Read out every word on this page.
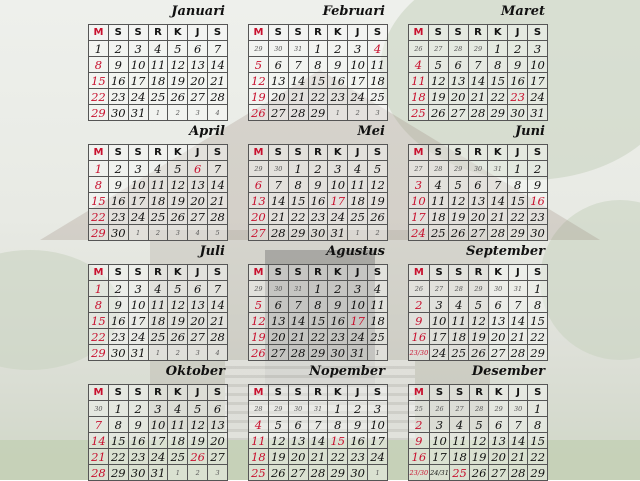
Januari
M	S	S	R	K	J	S
1	2	3	4	5	6	7
8	9	10	11	12	13	14
15	16	17	18	19	20	21
22	23	24	25	26	27	28
29	30	31	1	2	3	4
Februari
M	S	S	R	K	J	S
29	30	31	1	2	3	4
5	6	7	8	9	10	11
12	13	14	15	16	17	18
19	20	21	22	23	24	25
26	27	28	29	1	2	3
Maret
M	S	S	R	K	J	S
26	27	28	29	1	2	3
4	5	6	7	8	9	10
11	12	13	14	15	16	17
18	19	20	21	22	23	24
25	26	27	28	29	30	31
April
M	S	S	R	K	J	S
1	2	3	4	5	6	7
8	9	10	11	12	13	14
15	16	17	18	19	20	21
22	23	24	25	26	27	28
29	30	1	2	3	4	5
Mei
M	S	S	R	K	J	S
29	30	1	2	3	4	5
6	7	8	9	10	11	12
13	14	15	16	17	18	19
20	21	22	23	24	25	26
27	28	29	30	31	1	2
Juni
M	S	S	R	K	J	S
27	28	29	30	31	1	2
3	4	5	6	7	8	9
10	11	12	13	14	15	16
17	18	19	20	21	22	23
24	25	26	27	28	29	30
Juli
M	S	S	R	K	J	S
1	2	3	4	5	6	7
8	9	10	11	12	13	14
15	16	17	18	19	20	21
22	23	24	25	26	27	28
29	30	31	1	2	3	4
Agustus
M	S	S	R	K	J	S
29	30	31	1	2	3	4
5	6	7	8	9	10	11
12	13	14	15	16	17	18
19	20	21	22	23	24	25
26	27	28	29	30	31	1
September
M	S	S	R	K	J	S
26	27	28	29	30	31	1
2	3	4	5	6	7	8
9	10	11	12	13	14	15
16	17	18	19	20	21	22
23/30	24	25	26	27	28	29
Oktober
M	S	S	R	K	J	S
30	1	2	3	4	5	6
7	8	9	10	11	12	13
14	15	16	17	18	19	20
21	22	23	24	25	26	27
28	29	30	31	1	2	3
Nopember
M	S	S	R	K	J	S
28	29	30	31	1	2	3
4	5	6	7	8	9	10
11	12	13	14	15	16	17
18	19	20	21	22	23	24
25	26	27	28	29	30	1
Desember
M	S	S	R	K	J	S
25	26	27	28	29	30	1
2	3	4	5	6	7	8
9	10	11	12	13	14	15
16	17	18	19	20	21	22
23/30	24/31	25	26	27	28	29
